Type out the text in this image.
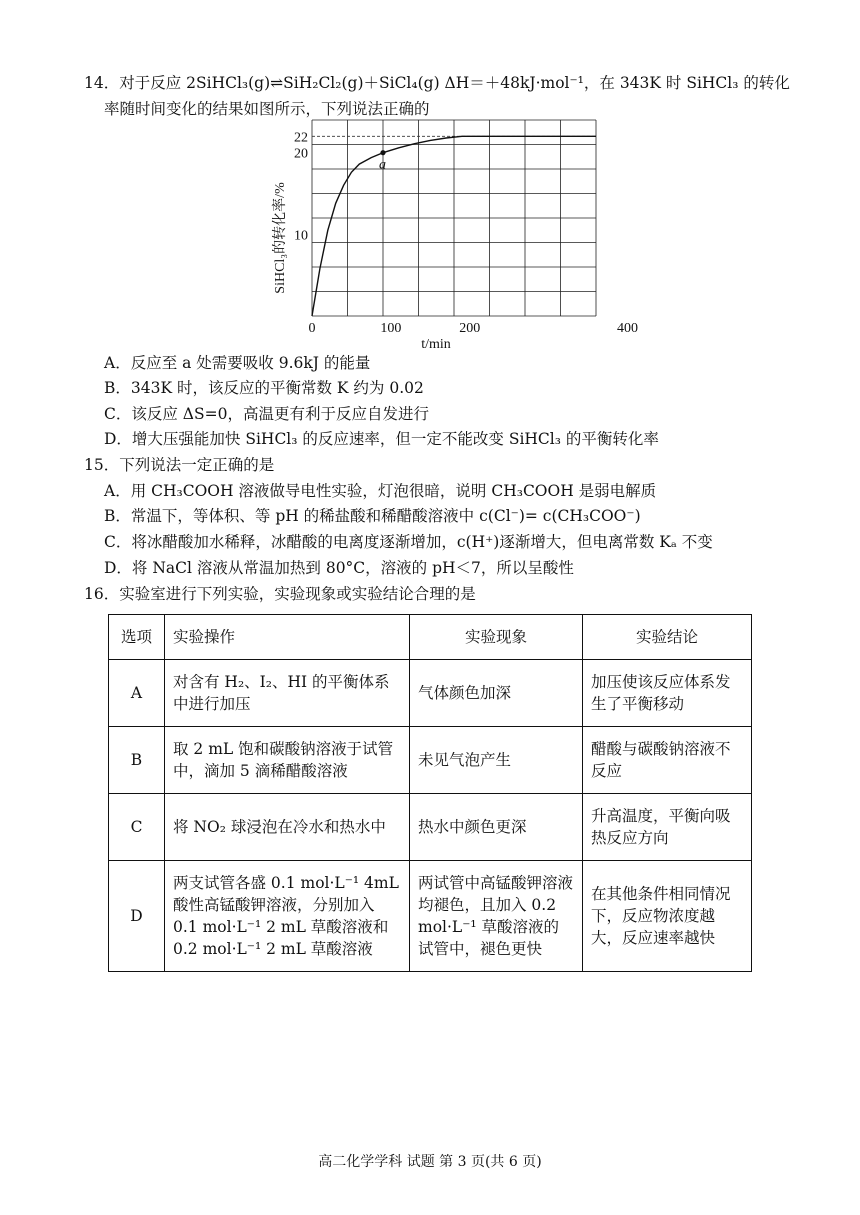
14．对于反应 2SiHCl₃(g)⇌SiH₂Cl₂(g)＋SiCl₄(g) ΔH＝＋48kJ·mol⁻¹，在 343K 时 SiHCl₃ 的转化
率随时间变化的结果如图所示，下列说法正确的
a
0	100	200	400
10
20
22
t/min
SiHCl₃的转化率/%
A．反应至 a 处需要吸收 9.6kJ 的能量
B．343K 时，该反应的平衡常数 K 约为 0.02
C．该反应 ΔS=0，高温更有利于反应自发进行
D．增大压强能加快 SiHCl₃ 的反应速率，但一定不能改变 SiHCl₃ 的平衡转化率
15．下列说法一定正确的是
A．用 CH₃COOH 溶液做导电性实验，灯泡很暗，说明 CH₃COOH 是弱电解质
B．常温下，等体积、等 pH 的稀盐酸和稀醋酸溶液中 c(Cl⁻)= c(CH₃COO⁻)
C．将冰醋酸加水稀释，冰醋酸的电离度逐渐增加，c(H⁺)逐渐增大，但电离常数 Kₐ 不变
D．将 NaCl 溶液从常温加热到 80°C，溶液的 pH＜7，所以呈酸性
16．实验室进行下列实验，实验现象或实验结论合理的是
选项	实验操作	实验现象	实验结论
A	对含有 H₂、I₂、HI 的平衡体系中进行加压	气体颜色加深	加压使该反应体系发生了平衡移动
B	取 2 mL 饱和碳酸钠溶液于试管中，滴加 5 滴稀醋酸溶液	未见气泡产生	醋酸与碳酸钠溶液不反应
C	将 NO₂ 球浸泡在冷水和热水中	热水中颜色更深	升高温度，平衡向吸热反应方向
D	两支试管各盛 0.1 mol·L⁻¹ 4mL 酸性高锰酸钾溶液，分别加入 0.1 mol·L⁻¹ 2 mL 草酸溶液和 0.2 mol·L⁻¹ 2 mL 草酸溶液	两试管中高锰酸钾溶液均褪色，且加入 0.2 mol·L⁻¹ 草酸溶液的试管中，褪色更快	在其他条件相同情况下，反应物浓度越大，反应速率越快
高二化学学科 试题 第 3 页(共 6 页)
